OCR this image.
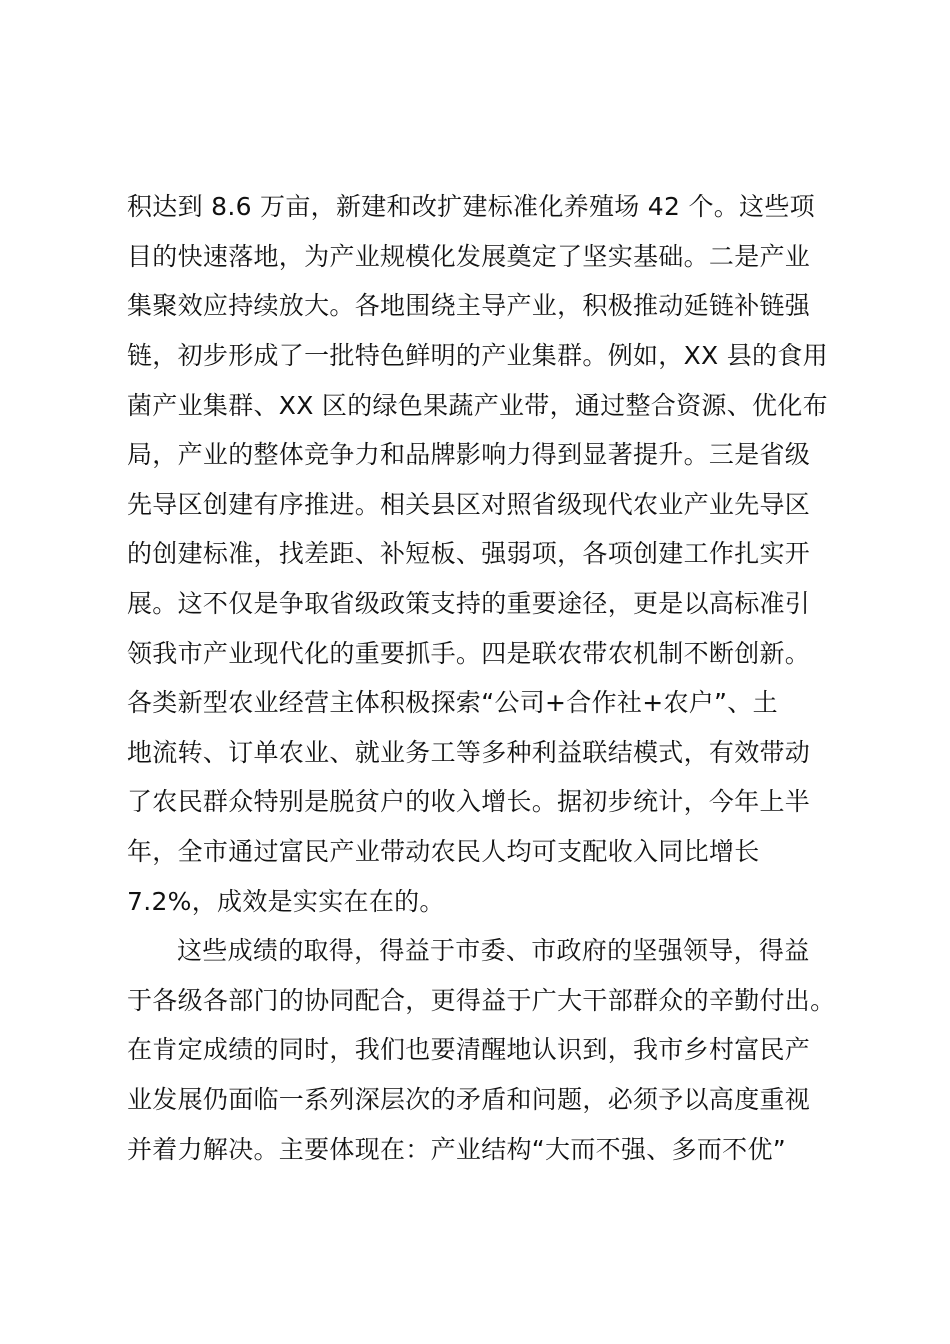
积达到 8.6 万亩，新建和改扩建标准化养殖场 42 个。这些项
目的快速落地，为产业规模化发展奠定了坚实基础。二是产业
集聚效应持续放大。各地围绕主导产业，积极推动延链补链强
链，初步形成了一批特色鲜明的产业集群。例如，XX 县的食用
菌产业集群、XX 区的绿色果蔬产业带，通过整合资源、优化布
局，产业的整体竞争力和品牌影响力得到显著提升。三是省级
先导区创建有序推进。相关县区对照省级现代农业产业先导区
的创建标准，找差距、补短板、强弱项，各项创建工作扎实开
展。这不仅是争取省级政策支持的重要途径，更是以高标准引
领我市产业现代化的重要抓手。四是联农带农机制不断创新。
各类新型农业经营主体积极探索“公司+合作社+农户”、土
地流转、订单农业、就业务工等多种利益联结模式，有效带动
了农民群众特别是脱贫户的收入增长。据初步统计，今年上半
年，全市通过富民产业带动农民人均可支配收入同比增长
7.2%，成效是实实在在的。
这些成绩的取得，得益于市委、市政府的坚强领导，得益
于各级各部门的协同配合，更得益于广大干部群众的辛勤付出。
在肯定成绩的同时，我们也要清醒地认识到，我市乡村富民产
业发展仍面临一系列深层次的矛盾和问题，必须予以高度重视
并着力解决。主要体现在：产业结构“大而不强、多而不优”
